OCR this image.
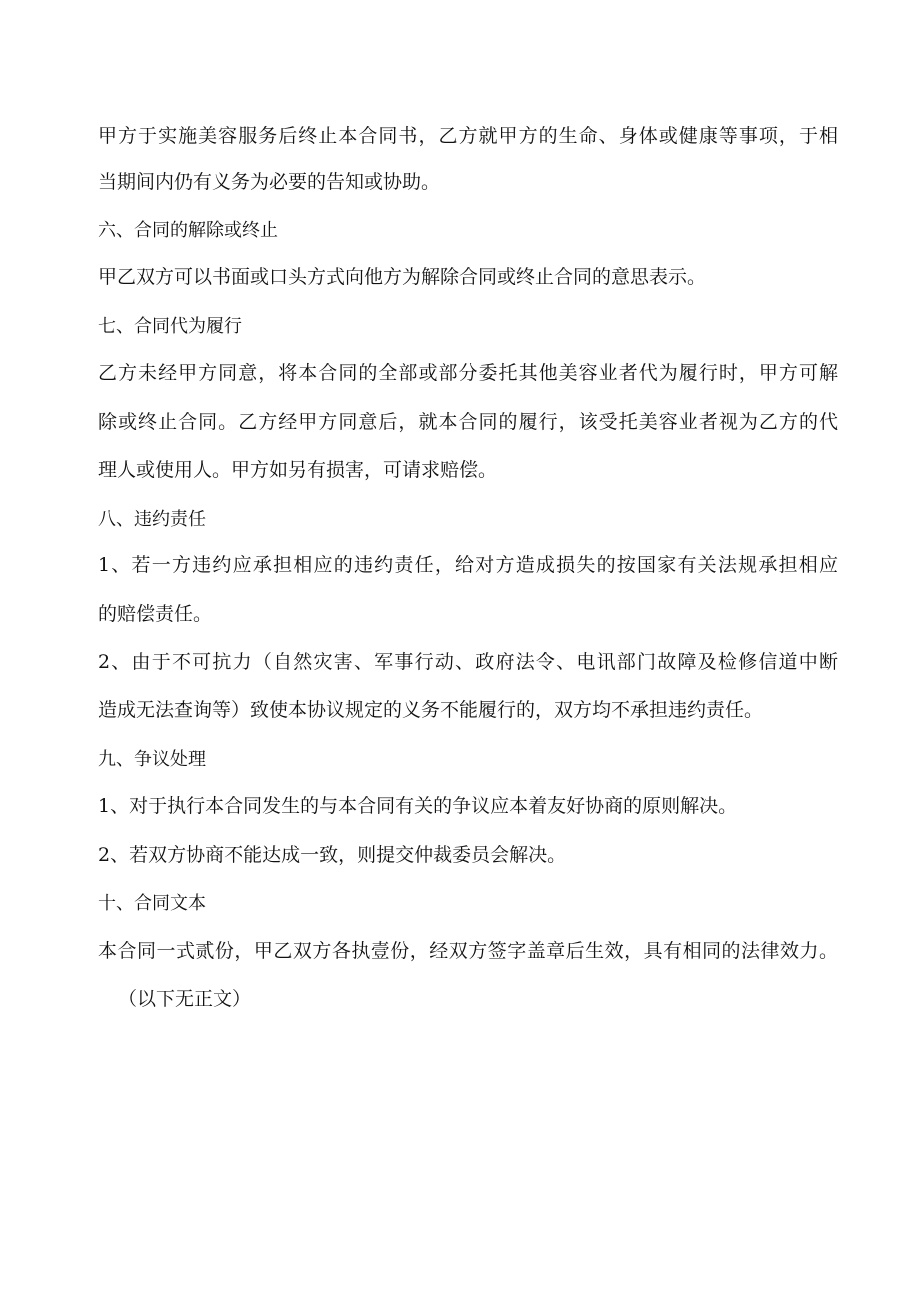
甲方于实施美容服务后终止本合同书，乙方就甲方的生命、身体或健康等事项，于相

当期间内仍有义务为必要的告知或协助。

六、合同的解除或终止

甲乙双方可以书面或口头方式向他方为解除合同或终止合同的意思表示。

七、合同代为履行

乙方未经甲方同意，将本合同的全部或部分委托其他美容业者代为履行时，甲方可解

除或终止合同。乙方经甲方同意后，就本合同的履行，该受托美容业者视为乙方的代

理人或使用人。甲方如另有损害，可请求赔偿。

八、违约责任

1、若一方违约应承担相应的违约责任，给对方造成损失的按国家有关法规承担相应

的赔偿责任。

2、由于不可抗力（自然灾害、军事行动、政府法令、电讯部门故障及检修信道中断

造成无法查询等）致使本协议规定的义务不能履行的，双方均不承担违约责任。

九、争议处理

1、对于执行本合同发生的与本合同有关的争议应本着友好协商的原则解决。

2、若双方协商不能达成一致，则提交仲裁委员会解决。

十、合同文本

本合同一式贰份，甲乙双方各执壹份，经双方签字盖章后生效，具有相同的法律效力。

（以下无正文）
